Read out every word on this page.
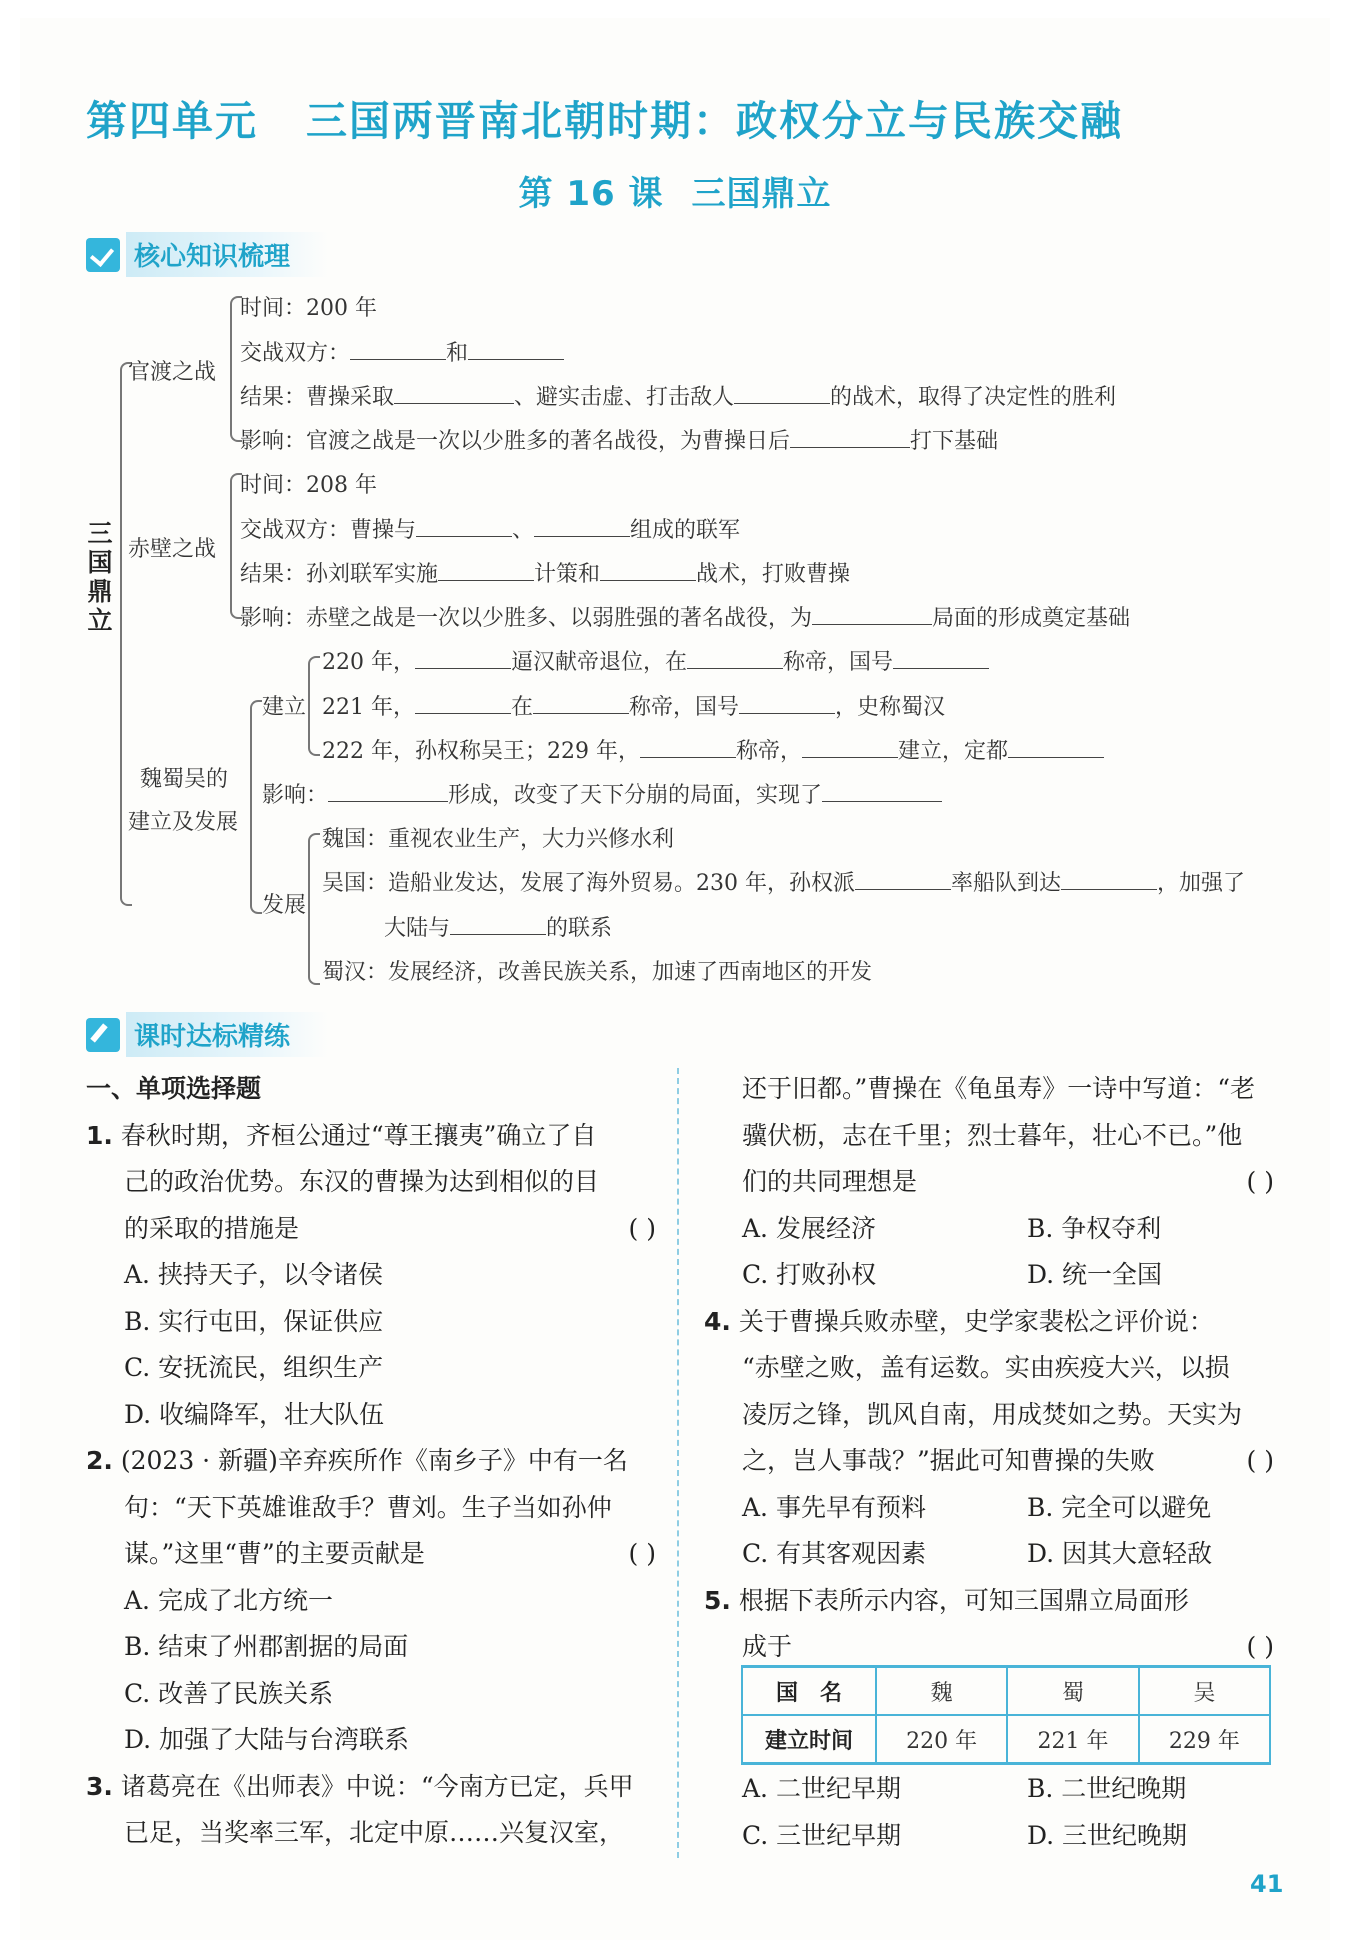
第四单元 三国两晋南北朝时期：政权分立与民族交融
第 16 课 三国鼎立
核心知识梳理
三国鼎立
官渡之战
时间：200 年
交战双方：	和
结果：曹操采取	、避实击虚、打击敌人	的战术，取得了决定性的胜利
影响：官渡之战是一次以少胜多的著名战役，为曹操日后	打下基础
赤壁之战
时间：208 年
交战双方：曹操与	、	组成的联军
结果：孙刘联军实施	计策和	战术，打败曹操
影响：赤壁之战是一次以少胜多、以弱胜强的著名战役，为	局面的形成奠定基础
魏蜀吴的
建立及发展
建立
220 年，	逼汉献帝退位，在	称帝，国号
221 年，	在	称帝，国号	，史称蜀汉
222 年，孙权称吴王；229 年，	称帝，	建立，定都
影响：	形成，改变了天下分崩的局面，实现了
发展
魏国：重视农业生产，大力兴修水利
吴国：造船业发达，发展了海外贸易。230 年，孙权派	率船队到达	，加强了
大陆与	的联系
蜀汉：发展经济，改善民族关系，加速了西南地区的开发
课时达标精练
一、单项选择题
1. 春秋时期，齐桓公通过“尊王攘夷”确立了自
己的政治优势。东汉的曹操为达到相似的目
的采取的措施是	( )
A. 挟持天子，以令诸侯
B. 实行屯田，保证供应
C. 安抚流民，组织生产
D. 收编降军，壮大队伍
2. (2023 · 新疆)辛弃疾所作《南乡子》中有一名
句：“天下英雄谁敌手？曹刘。生子当如孙仲
谋。”这里“曹”的主要贡献是	( )
A. 完成了北方统一
B. 结束了州郡割据的局面
C. 改善了民族关系
D. 加强了大陆与台湾联系
3. 诸葛亮在《出师表》中说：“今南方已定，兵甲
已足，当奖率三军，北定中原……兴复汉室，
还于旧都。”曹操在《龟虽寿》一诗中写道：“老
骥伏枥，志在千里；烈士暮年，壮心不已。”他
们的共同理想是	( )
A. 发展经济	B. 争权夺利
C. 打败孙权	D. 统一全国
4. 关于曹操兵败赤壁，史学家裴松之评价说：
“赤壁之败，盖有运数。实由疾疫大兴，以损
凌厉之锋，凯风自南，用成焚如之势。天实为
之，岂人事哉？”据此可知曹操的失败	( )
A. 事先早有预料	B. 完全可以避免
C. 有其客观因素	D. 因其大意轻敌
5. 根据下表所示内容，可知三国鼎立局面形
成于	( )
国　名	魏	蜀	吴
建立时间	220 年	221 年	229 年
A. 二世纪早期	B. 二世纪晚期
C. 三世纪早期	D. 三世纪晚期
41
